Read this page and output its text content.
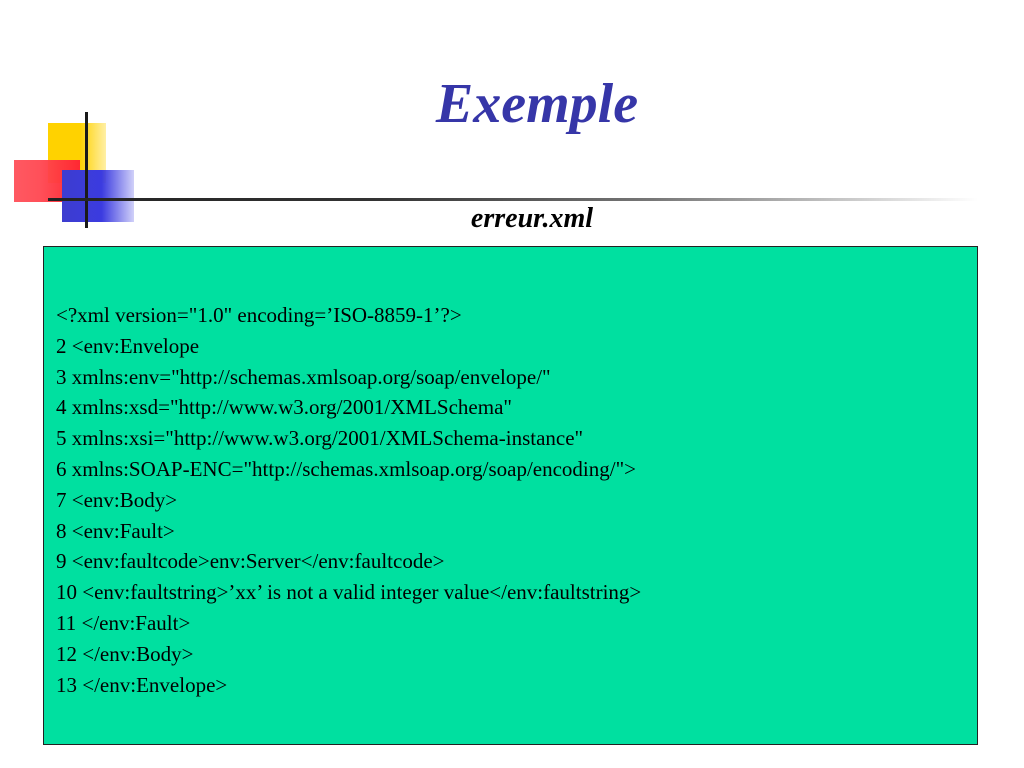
Exemple
erreur.xml
<?xml version="1.0" encoding=’ISO-8859-1’?>
2 <env:Envelope
3 xmlns:env="http://schemas.xmlsoap.org/soap/envelope/"
4 xmlns:xsd="http://www.w3.org/2001/XMLSchema"
5 xmlns:xsi="http://www.w3.org/2001/XMLSchema-instance"
6 xmlns:SOAP-ENC="http://schemas.xmlsoap.org/soap/encoding/">
7 <env:Body>
8 <env:Fault>
9 <env:faultcode>env:Server</env:faultcode>
10 <env:faultstring>’xx’ is not a valid integer value</env:faultstring>
11 </env:Fault>
12 </env:Body>
13 </env:Envelope>
